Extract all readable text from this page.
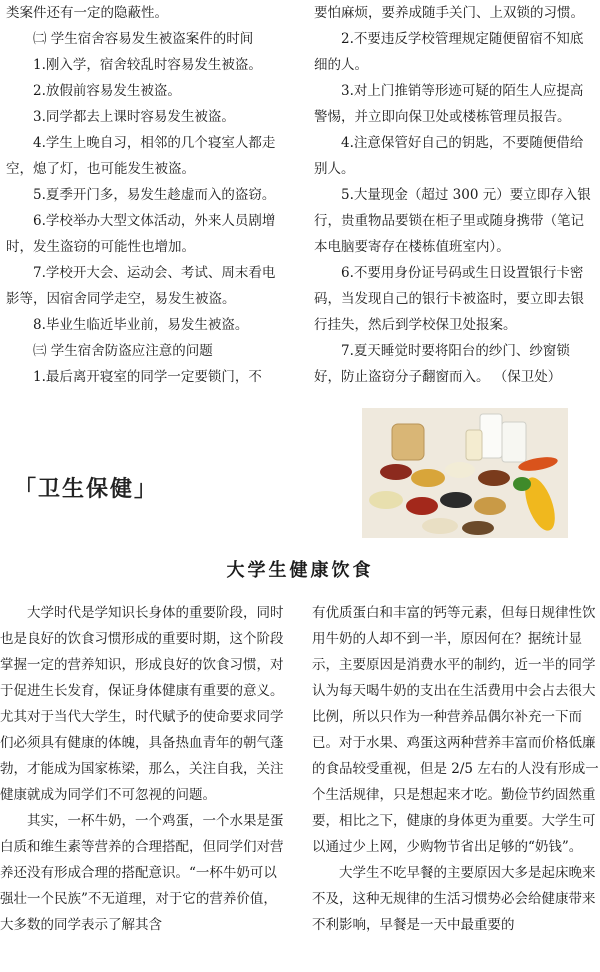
类案件还有一定的隐蔽性。

㈡ 学生宿舍容易发生被盗案件的时间

1.刚入学，宿舍较乱时容易发生被盗。

2.放假前容易发生被盗。

3.同学都去上课时容易发生被盗。

4.学生上晚自习，相邻的几个寝室人都走空，熄了灯，也可能发生被盗。

5.夏季开门多，易发生趁虚而入的盗窃。

6.学校举办大型文体活动，外来人员剧增时，发生盗窃的可能性也增加。

7.学校开大会、运动会、考试、周末看电影等，因宿舍同学走空，易发生被盗。

8.毕业生临近毕业前，易发生被盗。

㈢ 学生宿舍防盗应注意的问题

1.最后离开寝室的同学一定要锁门，不

要怕麻烦，要养成随手关门、上双锁的习惯。

2.不要违反学校管理规定随便留宿不知底细的人。

3.对上门推销等形迹可疑的陌生人应提高警惕，并立即向保卫处或楼栋管理员报告。

4.注意保管好自己的钥匙，不要随便借给别人。

5.大量现金（超过 300 元）要立即存入银行，贵重物品要锁在柜子里或随身携带（笔记本电脑要寄存在楼栋值班室内）。

6.不要用身份证号码或生日设置银行卡密码，当发现自己的银行卡被盗时，要立即去银行挂失，然后到学校保卫处报案。

7.夏天睡觉时要将阳台的纱门、纱窗锁好，防止盗窃分子翻窗而入。 （保卫处）

「卫生保健」
大学生健康饮食

大学时代是学知识长身体的重要阶段，同时也是良好的饮食习惯形成的重要时期，这个阶段掌握一定的营养知识，形成良好的饮食习惯，对于促进生长发育，保证身体健康有重要的意义。尤其对于当代大学生，时代赋予的使命要求同学们必须具有健康的体魄，具备热血青年的朝气蓬勃，才能成为国家栋梁，那么，关注自我，关注健康就成为同学们不可忽视的问题。

其实，一杯牛奶，一个鸡蛋，一个水果是蛋白质和维生素等营养的合理搭配，但同学们对营养还没有形成合理的搭配意识。“一杯牛奶可以强壮一个民族”不无道理，对于它的营养价值，大多数的同学表示了解其含

有优质蛋白和丰富的钙等元素，但每日规律性饮用牛奶的人却不到一半，原因何在？据统计显示，主要原因是消费水平的制约，近一半的同学认为每天喝牛奶的支出在生活费用中会占去很大比例，所以只作为一种营养品偶尔补充一下而已。对于水果、鸡蛋这两种营养丰富而价格低廉的食品较受重视，但是 2/5 左右的人没有形成一个生活规律，只是想起来才吃。勤俭节约固然重要，相比之下，健康的身体更为重要。大学生可以通过少上网，少购物节省出足够的“奶钱”。

大学生不吃早餐的主要原因大多是起床晚来不及，这种无规律的生活习惯势必会给健康带来不利影响，早餐是一天中最重要的
